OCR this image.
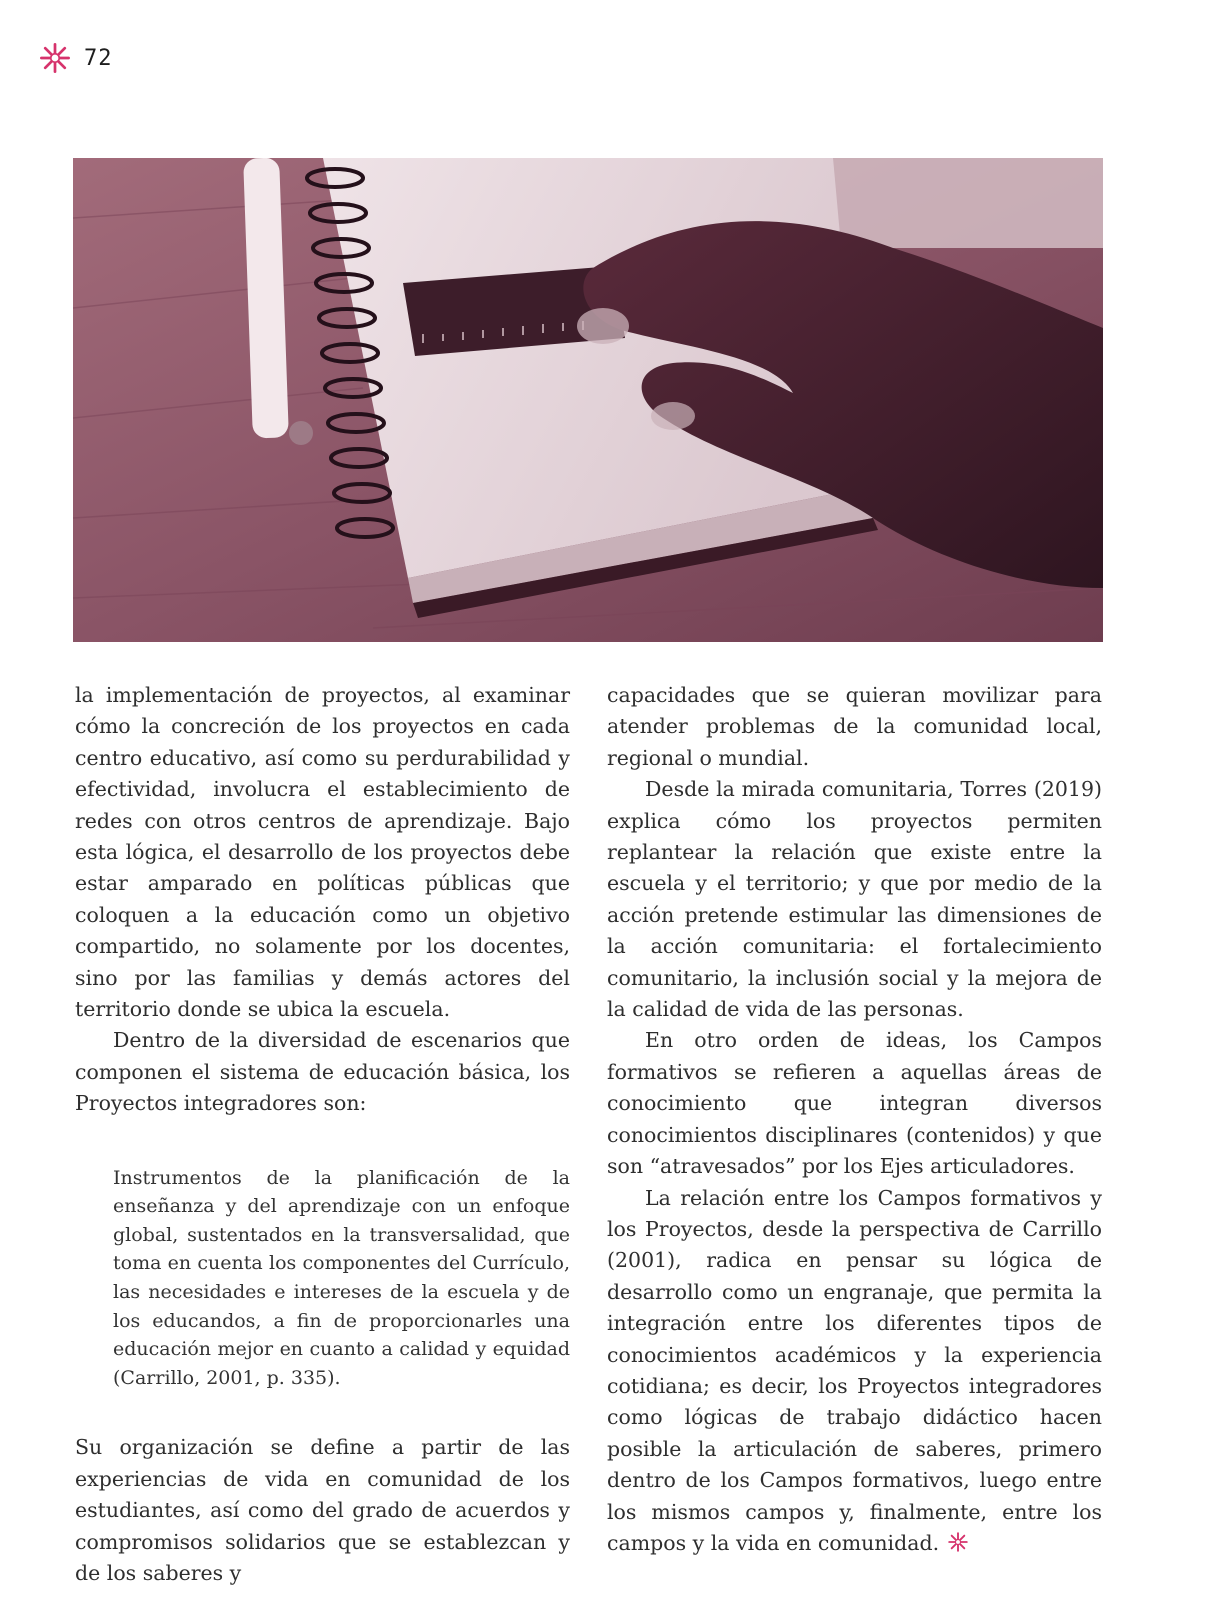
72

la implementación de proyectos, al examinar cómo la concreción de los proyectos en cada centro educativo, así como su perdurabilidad y efectividad, involucra el establecimiento de redes con otros centros de aprendizaje. Bajo esta lógica, el desarrollo de los proyectos debe estar amparado en políticas públicas que coloquen a la educación como un objetivo compartido, no solamente por los docentes, sino por las familias y demás actores del territorio donde se ubica la escuela.

Dentro de la diversidad de escenarios que componen el sistema de educación básica, los Proyectos integradores son:

Instrumentos de la planificación de la enseñanza y del aprendizaje con un enfoque global, sustentados en la transversalidad, que toma en cuenta los componentes del Currículo, las necesidades e intereses de la escuela y de los educandos, a fin de proporcionarles una educación mejor en cuanto a calidad y equidad (Carrillo, 2001, p. 335).

Su organización se define a partir de las experiencias de vida en comunidad de los estudiantes, así como del grado de acuerdos y compromisos solidarios que se establezcan y de los saberes y

capacidades que se quieran movilizar para atender problemas de la comunidad local, regional o mundial.

Desde la mirada comunitaria, Torres (2019) explica cómo los proyectos permiten replantear la relación que existe entre la escuela y el territorio; y que por medio de la acción pretende estimular las dimensiones de la acción comunitaria: el fortalecimiento comunitario, la inclusión social y la mejora de la calidad de vida de las personas.

En otro orden de ideas, los Campos formativos se refieren a aquellas áreas de conocimiento que integran diversos conocimientos disciplinares (contenidos) y que son “atravesados” por los Ejes articuladores.

La relación entre los Campos formativos y los Proyectos, desde la perspectiva de Carrillo (2001), radica en pensar su lógica de desarrollo como un engranaje, que permita la integración entre los diferentes tipos de conocimientos académicos y la experiencia cotidiana; es decir, los Proyectos integradores como lógicas de trabajo didáctico hacen posible la articulación de saberes, primero dentro de los Campos formativos, luego entre los mismos campos y, finalmente, entre los campos y la vida en comunidad.
